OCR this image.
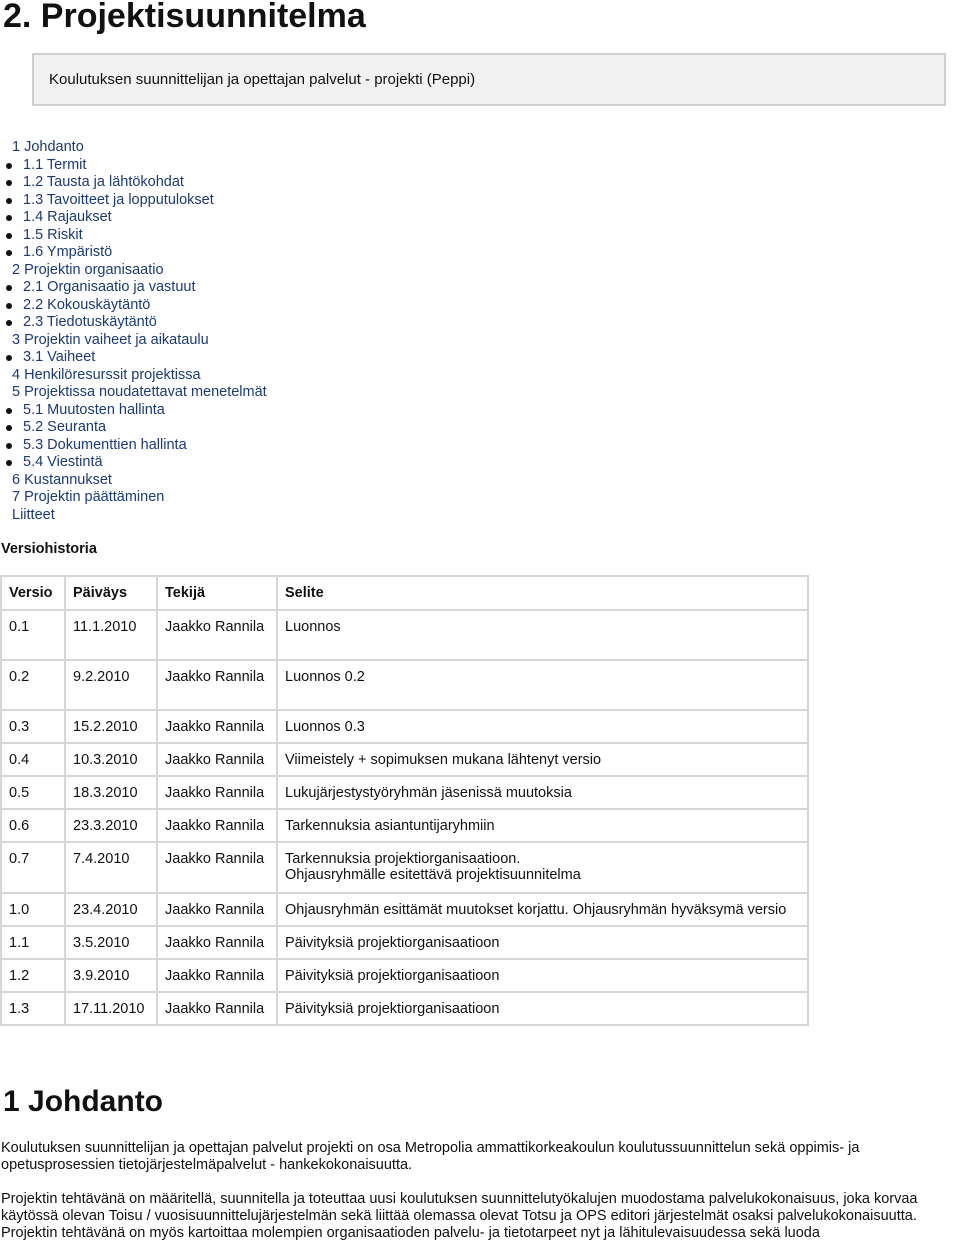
2. Projektisuunnitelma
Koulutuksen suunnittelijan ja opettajan palvelut - projekti (Peppi)
1 Johdanto
1.1 Termit
1.2 Tausta ja lähtökohdat
1.3 Tavoitteet ja lopputulokset
1.4 Rajaukset
1.5 Riskit
1.6 Ympäristö
2 Projektin organisaatio
2.1 Organisaatio ja vastuut
2.2 Kokouskäytäntö
2.3 Tiedotuskäytäntö
3 Projektin vaiheet ja aikataulu
3.1 Vaiheet
4 Henkilöresurssit projektissa
5 Projektissa noudatettavat menetelmät
5.1 Muutosten hallinta
5.2 Seuranta
5.3 Dokumenttien hallinta
5.4 Viestintä
6 Kustannukset
7 Projektin päättäminen
Liitteet
Versiohistoria
Versio	Päiväys	Tekijä	Selite
0.1	11.1.2010	Jaakko Rannila	Luonnos
0.2	9.2.2010	Jaakko Rannila	Luonnos 0.2
0.3	15.2.2010	Jaakko Rannila	Luonnos 0.3
0.4	10.3.2010	Jaakko Rannila	Viimeistely + sopimuksen mukana lähtenyt versio
0.5	18.3.2010	Jaakko Rannila	Lukujärjestystyöryhmän jäsenissä muutoksia
0.6	23.3.2010	Jaakko Rannila	Tarkennuksia asiantuntijaryhmiin
0.7	7.4.2010	Jaakko Rannila	Tarkennuksia projektiorganisaatioon.
Ohjausryhmälle esitettävä projektisuunnitelma
1.0	23.4.2010	Jaakko Rannila	Ohjausryhmän esittämät muutokset korjattu. Ohjausryhmän hyväksymä versio
1.1	3.5.2010	Jaakko Rannila	Päivityksiä projektiorganisaatioon
1.2	3.9.2010	Jaakko Rannila	Päivityksiä projektiorganisaatioon
1.3	17.11.2010	Jaakko Rannila	Päivityksiä projektiorganisaatioon
1 Johdanto

Koulutuksen suunnittelijan ja opettajan palvelut projekti on osa Metropolia ammattikorkeakoulun koulutussuunnittelun sekä oppimis- ja opetusprosessien tietojärjestelmäpalvelut - hankekokonaisuutta.

Projektin tehtävänä on määritellä, suunnitella ja toteuttaa uusi koulutuksen suunnittelutyökalujen muodostama palvelukokonaisuus, joka korvaa käytössä olevan Toisu / vuosisuunnittelujärjestelmän sekä liittää olemassa olevat Totsu ja OPS editori järjestelmät osaksi palvelukokonaisuutta. Projektin tehtävänä on myös kartoittaa molempien organisaatioden palvelu- ja tietotarpeet nyt ja lähitulevaisuudessa sekä luoda
